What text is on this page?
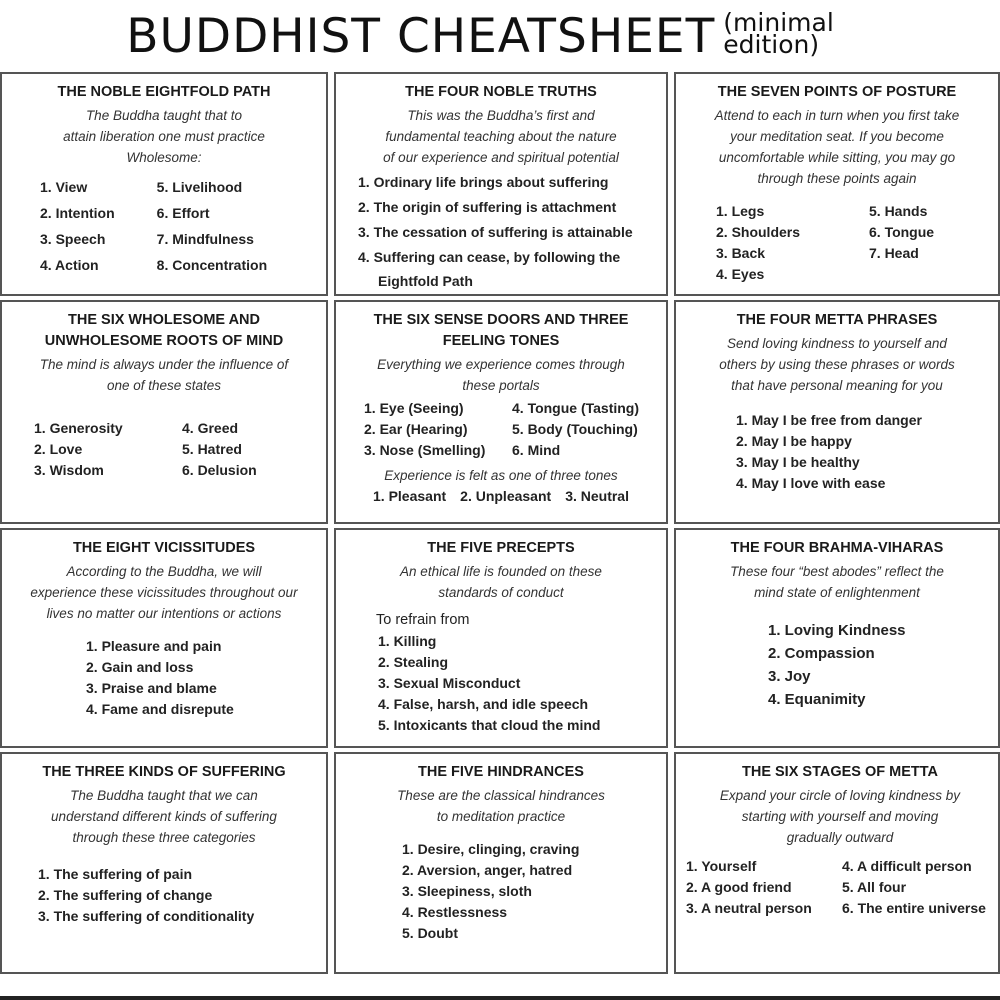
BUDDHIST CHEATSHEET (minimal
edition)
THE NOBLE EIGHTFOLD PATH
The Buddha taught that to
attain liberation one must practice
Wholesome:
1. View
2. Intention
3. Speech
4. Action
5. Livelihood
6. Effort
7. Mindfulness
8. Concentration
THE FOUR NOBLE TRUTHS
This was the Buddha’s first and
fundamental teaching about the nature
of our experience and spiritual potential
1. Ordinary life brings about suffering
2. The origin of suffering is attachment
3. The cessation of suffering is attainable
4. Suffering can cease, by following the
Eightfold Path
THE SEVEN POINTS OF POSTURE
Attend to each in turn when you first take
your meditation seat. If you become
uncomfortable while sitting, you may go
through these points again
1. Legs
2. Shoulders
3. Back
4. Eyes
5. Hands
6. Tongue
7. Head
THE SIX WHOLESOME AND
UNWHOLESOME ROOTS OF MIND
The mind is always under the influence of
one of these states
1. Generosity
2. Love
3. Wisdom
4. Greed
5. Hatred
6. Delusion
THE SIX SENSE DOORS AND THREE
FEELING TONES
Everything we experience comes through
these portals
1. Eye (Seeing)
2. Ear (Hearing)
3. Nose (Smelling)
4. Tongue (Tasting)
5. Body (Touching)
6. Mind
Experience is felt as one of three tones
1. Pleasant 2. Unpleasant 3. Neutral
THE FOUR METTA PHRASES
Send loving kindness to yourself and
others by using these phrases or words
that have personal meaning for you
1. May I be free from danger
2. May I be happy
3. May I be healthy
4. May I love with ease
THE EIGHT VICISSITUDES
According to the Buddha, we will
experience these vicissitudes throughout our
lives no matter our intentions or actions
1. Pleasure and pain
2. Gain and loss
3. Praise and blame
4. Fame and disrepute
THE FIVE PRECEPTS
An ethical life is founded on these
standards of conduct
To refrain from
1. Killing
2. Stealing
3. Sexual Misconduct
4. False, harsh, and idle speech
5. Intoxicants that cloud the mind
THE FOUR BRAHMA-VIHARAS
These four “best abodes” reflect the
mind state of enlightenment
1. Loving Kindness
2. Compassion
3. Joy
4. Equanimity
THE THREE KINDS OF SUFFERING
The Buddha taught that we can
understand different kinds of suffering
through these three categories
1. The suffering of pain
2. The suffering of change
3. The suffering of conditionality
THE FIVE HINDRANCES
These are the classical hindrances
to meditation practice
1. Desire, clinging, craving
2. Aversion, anger, hatred
3. Sleepiness, sloth
4. Restlessness
5. Doubt
THE SIX STAGES OF METTA
Expand your circle of loving kindness by
starting with yourself and moving
gradually outward
1. Yourself
2. A good friend
3. A neutral person
4. A difficult person
5. All four
6. The entire universe
